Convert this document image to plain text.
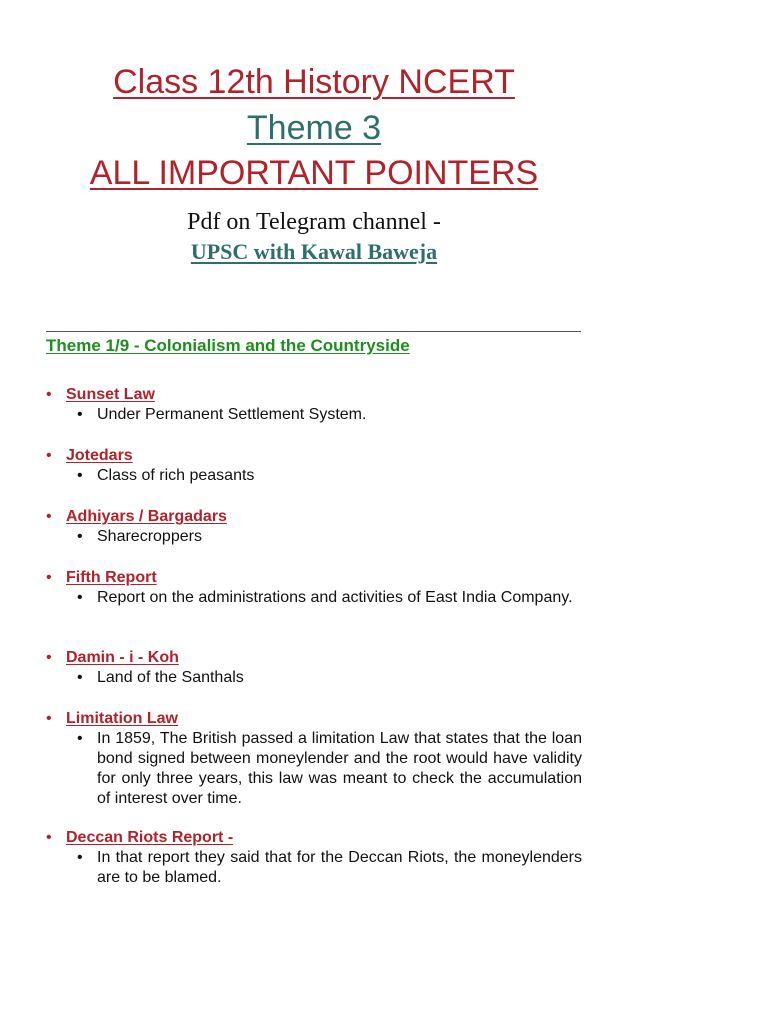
Class 12th History NCERT
Theme 3
ALL IMPORTANT POINTERS
Pdf on Telegram channel -
UPSC with Kawal Baweja
Theme 1/9 - Colonialism and the Countryside
• Sunset Law
• Under Permanent Settlement System.
• Jotedars
• Class of rich peasants
• Adhiyars / Bargadars
• Sharecroppers
• Fifth Report
• Report on the administrations and activities of East India Company.
• Damin - i - Koh
• Land of the Santhals
• Limitation Law
• In 1859, The British passed a limitation Law that states that the loan bond signed between moneylender and the root would have validity for only three years, this law was meant to check the accumulation of interest over time.
• Deccan Riots Report -
• In that report they said that for the Deccan Riots, the moneylenders are to be blamed.
